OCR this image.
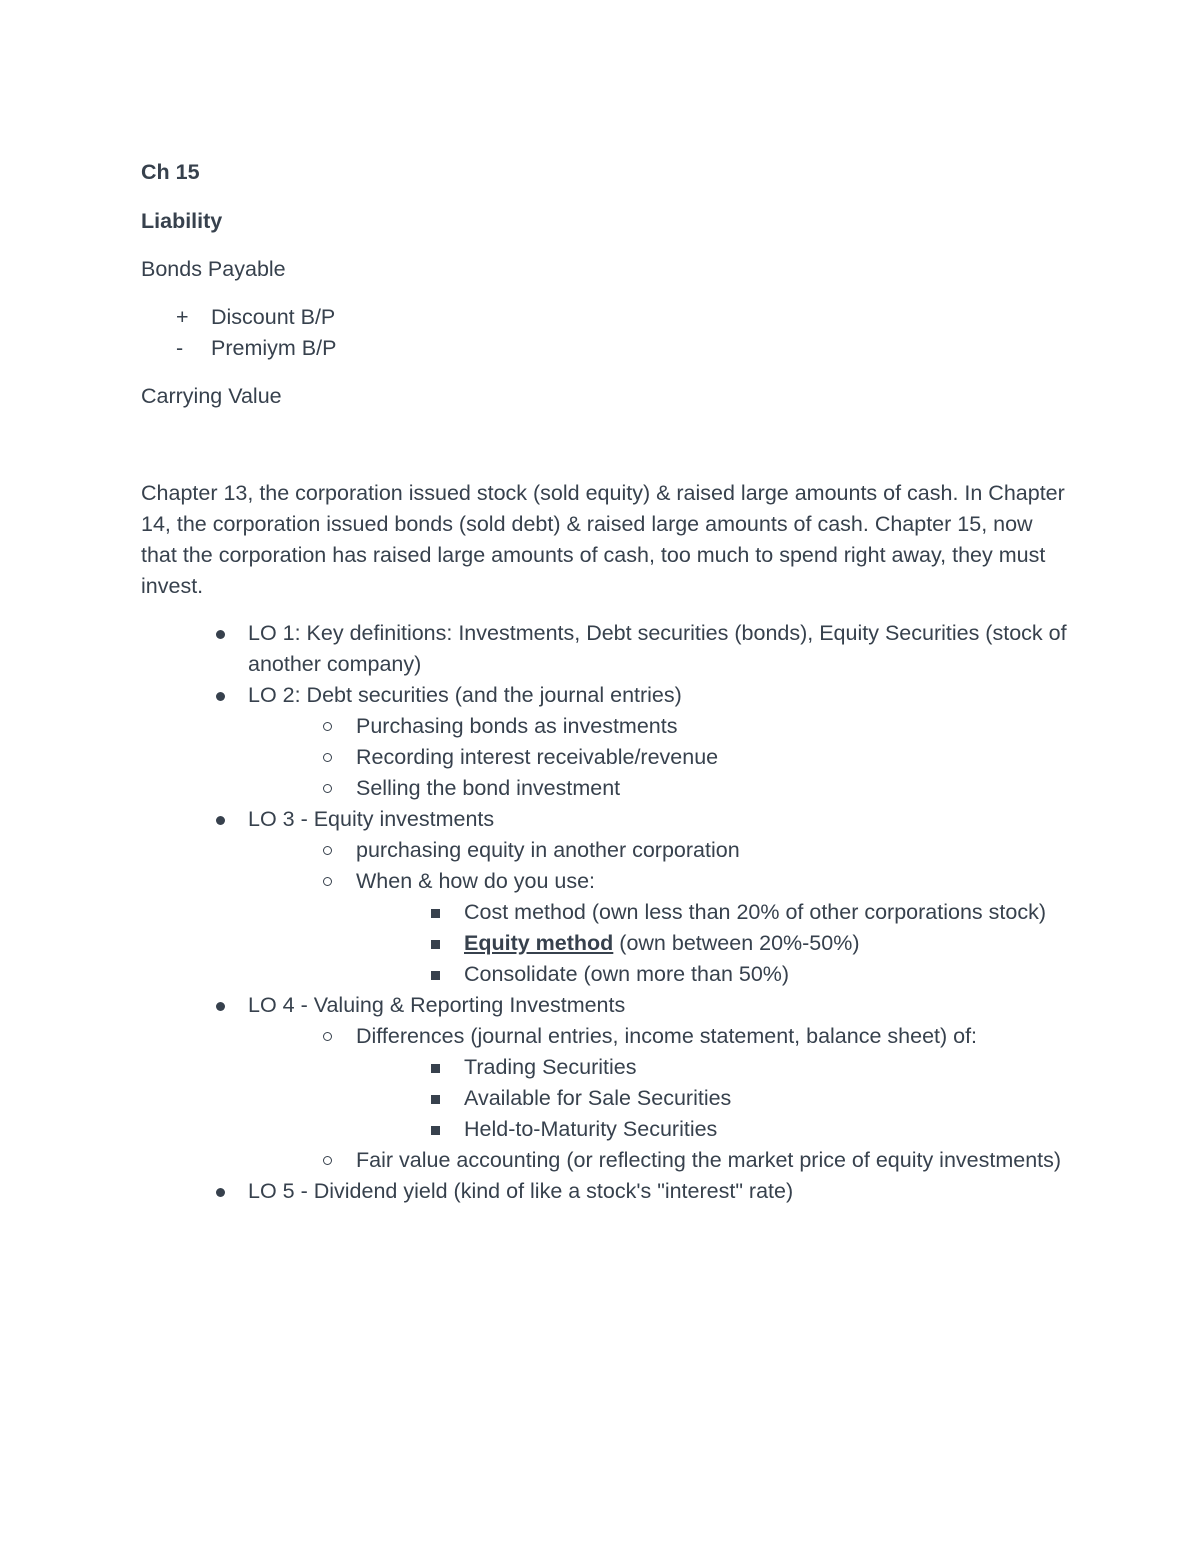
Ch 15

Liability

Bonds Payable

+	Discount B/P
-	Premiym B/P

Carrying Value

Chapter 13, the corporation issued stock (sold equity) & raised large amounts of cash. In Chapter 14, the corporation issued bonds (sold debt) & raised large amounts of cash. Chapter 15, now that the corporation has raised large amounts of cash, too much to spend right away, they must invest.

LO 1: Key definitions: Investments, Debt securities (bonds), Equity Securities (stock of another company)
LO 2: Debt securities (and the journal entries)
Purchasing bonds as investments
Recording interest receivable/revenue
Selling the bond investment
LO 3 - Equity investments
purchasing equity in another corporation
When & how do you use:
Cost method (own less than 20% of other corporations stock)
Equity method (own between 20%-50%)
Consolidate (own more than 50%)
LO 4 - Valuing & Reporting Investments
Differences (journal entries, income statement, balance sheet) of:
Trading Securities
Available for Sale Securities
Held-to-Maturity Securities
Fair value accounting (or reflecting the market price of equity investments)
LO 5 - Dividend yield (kind of like a stock's "interest" rate)
